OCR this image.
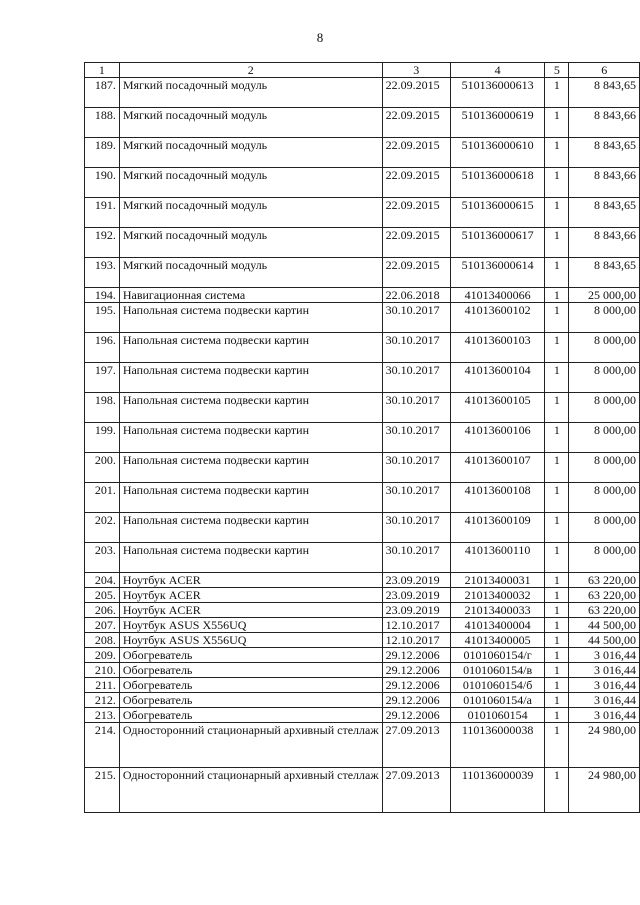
8
1	2	3	4	5	6
187.	Мягкий посадочный модуль	22.09.2015	510136000613	1	8 843,65
188.	Мягкий посадочный модуль	22.09.2015	510136000619	1	8 843,66
189.	Мягкий посадочный модуль	22.09.2015	510136000610	1	8 843,65
190.	Мягкий посадочный модуль	22.09.2015	510136000618	1	8 843,66
191.	Мягкий посадочный модуль	22.09.2015	510136000615	1	8 843,65
192.	Мягкий посадочный модуль	22.09.2015	510136000617	1	8 843,66
193.	Мягкий посадочный модуль	22.09.2015	510136000614	1	8 843,65
194.	Навигационная система	22.06.2018	41013400066	1	25 000,00
195.	Напольная система подвески картин	30.10.2017	41013600102	1	8 000,00
196.	Напольная система подвески картин	30.10.2017	41013600103	1	8 000,00
197.	Напольная система подвески картин	30.10.2017	41013600104	1	8 000,00
198.	Напольная система подвески картин	30.10.2017	41013600105	1	8 000,00
199.	Напольная система подвески картин	30.10.2017	41013600106	1	8 000,00
200.	Напольная система подвески картин	30.10.2017	41013600107	1	8 000,00
201.	Напольная система подвески картин	30.10.2017	41013600108	1	8 000,00
202.	Напольная система подвески картин	30.10.2017	41013600109	1	8 000,00
203.	Напольная система подвески картин	30.10.2017	41013600110	1	8 000,00
204.	Ноутбук ACER	23.09.2019	21013400031	1	63 220,00
205.	Ноутбук ACER	23.09.2019	21013400032	1	63 220,00
206.	Ноутбук ACER	23.09.2019	21013400033	1	63 220,00
207.	Ноутбук ASUS X556UQ	12.10.2017	41013400004	1	44 500,00
208.	Ноутбук ASUS X556UQ	12.10.2017	41013400005	1	44 500,00
209.	Обогреватель	29.12.2006	0101060154/г	1	3 016,44
210.	Обогреватель	29.12.2006	0101060154/в	1	3 016,44
211.	Обогреватель	29.12.2006	0101060154/б	1	3 016,44
212.	Обогреватель	29.12.2006	0101060154/а	1	3 016,44
213.	Обогреватель	29.12.2006	0101060154	1	3 016,44
214.	Односторонний стационарный архивный стеллаж	27.09.2013	110136000038	1	24 980,00
215.	Односторонний стационарный архивный стеллаж	27.09.2013	110136000039	1	24 980,00
